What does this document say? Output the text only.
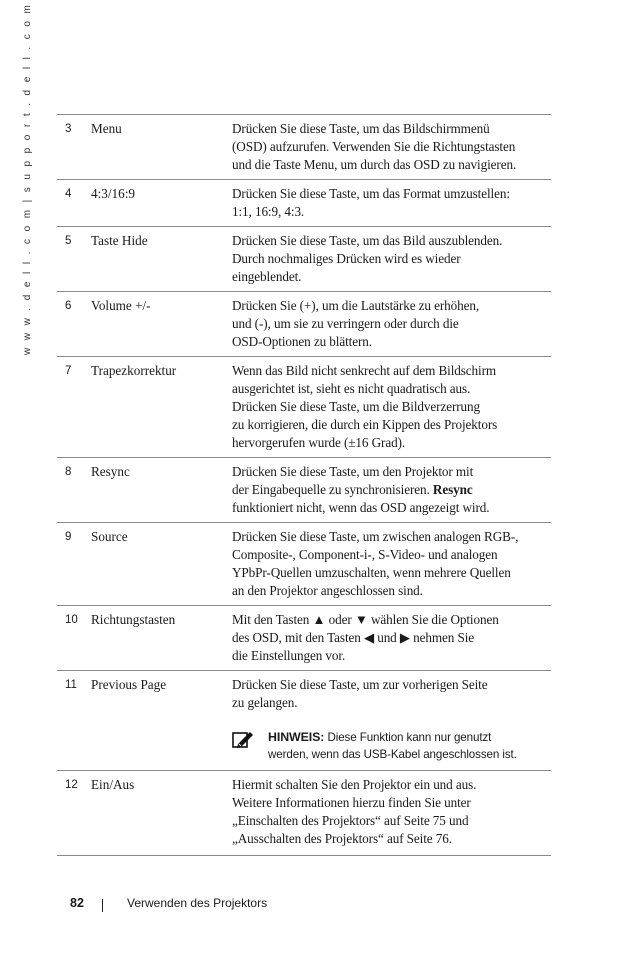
w w w . d e l l . c o m | s u p p o r t . d e l l . c o m	3	Menu	Drücken Sie diese Taste, um das Bildschirmmenü

(OSD) aufzurufen. Verwenden Sie die Richtungstasten

und die Taste Menu, um durch das OSD zu navigieren.

4	4:3/16:9	Drücken Sie diese Taste, um das Format umzustellen:

1:1, 16:9, 4:3.

5	Taste Hide	Drücken Sie diese Taste, um das Bild auszublenden.

Durch nochmaliges Drücken wird es wieder

eingeblendet.

6	Volume +/-	Drücken Sie (+), um die Lautstärke zu erhöhen,

und (-), um sie zu verringern oder durch die

OSD-Optionen zu blättern.

7	Trapezkorrektur	Wenn das Bild nicht senkrecht auf dem Bildschirm

ausgerichtet ist, sieht es nicht quadratisch aus.

Drücken Sie diese Taste, um die Bildverzerrung

zu korrigieren, die durch ein Kippen des Projektors

hervorgerufen wurde (±16 Grad).

8	Resync	Drücken Sie diese Taste, um den Projektor mit

der Eingabequelle zu synchronisieren. Resync

funktioniert nicht, wenn das OSD angezeigt wird.

9	Source	Drücken Sie diese Taste, um zwischen analogen RGB-,

Composite-, Component-i-, S-Video- und analogen

YPbPr-Quellen umzuschalten, wenn mehrere Quellen

an den Projektor angeschlossen sind.

10	Richtungstasten	Mit den Tasten ▲ oder ▼ wählen Sie die Optionen

des OSD, mit den Tasten ◀ und ▶ nehmen Sie

die Einstellungen vor.

11	Previous Page	Drücken Sie diese Taste, um zur vorherigen Seite

zu gelangen.

HINWEIS: Diese Funktion kann nur genutzt
werden, wenn das USB-Kabel angeschlossen ist.
12	Ein/Aus	Hiermit schalten Sie den Projektor ein und aus.

Weitere Informationen hierzu finden Sie unter

„Einschalten des Projektors“ auf Seite 75 und

„Ausschalten des Projektors“ auf Seite 76.

82	Verwenden des Projektors
